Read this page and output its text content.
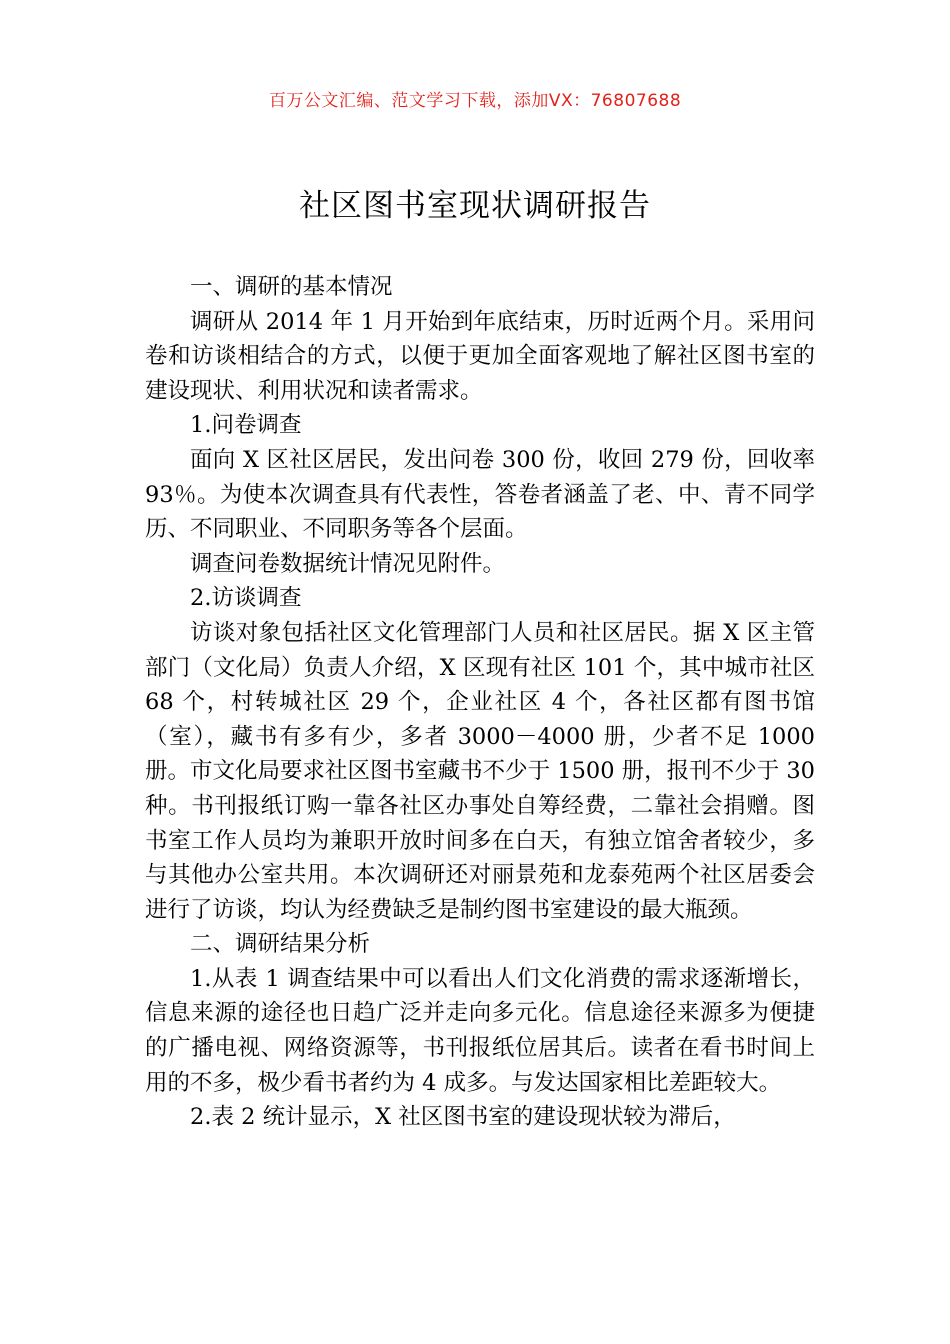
百万公文汇编、范文学习下载，添加VX：76807688
社区图书室现状调研报告

一、调研的基本情况

调研从 2014 年 1 月开始到年底结束，历时近两个月。采用问卷和访谈相结合的方式，以便于更加全面客观地了解社区图书室的建设现状、利用状况和读者需求。

1.问卷调查

面向 X 区社区居民，发出问卷 300 份，收回 279 份，回收率 93％。为使本次调查具有代表性，答卷者涵盖了老、中、青不同学历、不同职业、不同职务等各个层面。

调查问卷数据统计情况见附件。

2.访谈调查

访谈对象包括社区文化管理部门人员和社区居民。据 X 区主管部门（文化局）负责人介绍，X 区现有社区 101 个，其中城市社区 68 个，村转城社区 29 个，企业社区 4 个，各社区都有图书馆（室），藏书有多有少，多者 3000－4000 册，少者不足 1000 册。市文化局要求社区图书室藏书不少于 1500 册，报刊不少于 30 种。书刊报纸订购一靠各社区办事处自筹经费，二靠社会捐赠。图书室工作人员均为兼职开放时间多在白天，有独立馆舍者较少，多与其他办公室共用。本次调研还对丽景苑和龙泰苑两个社区居委会进行了访谈，均认为经费缺乏是制约图书室建设的最大瓶颈。

二、调研结果分析

1.从表 1 调查结果中可以看出人们文化消费的需求逐渐增长，信息来源的途径也日趋广泛并走向多元化。信息途径来源多为便捷的广播电视、网络资源等，书刊报纸位居其后。读者在看书时间上用的不多，极少看书者约为 4 成多。与发达国家相比差距较大。

2.表 2 统计显示，X 社区图书室的建设现状较为滞后，
